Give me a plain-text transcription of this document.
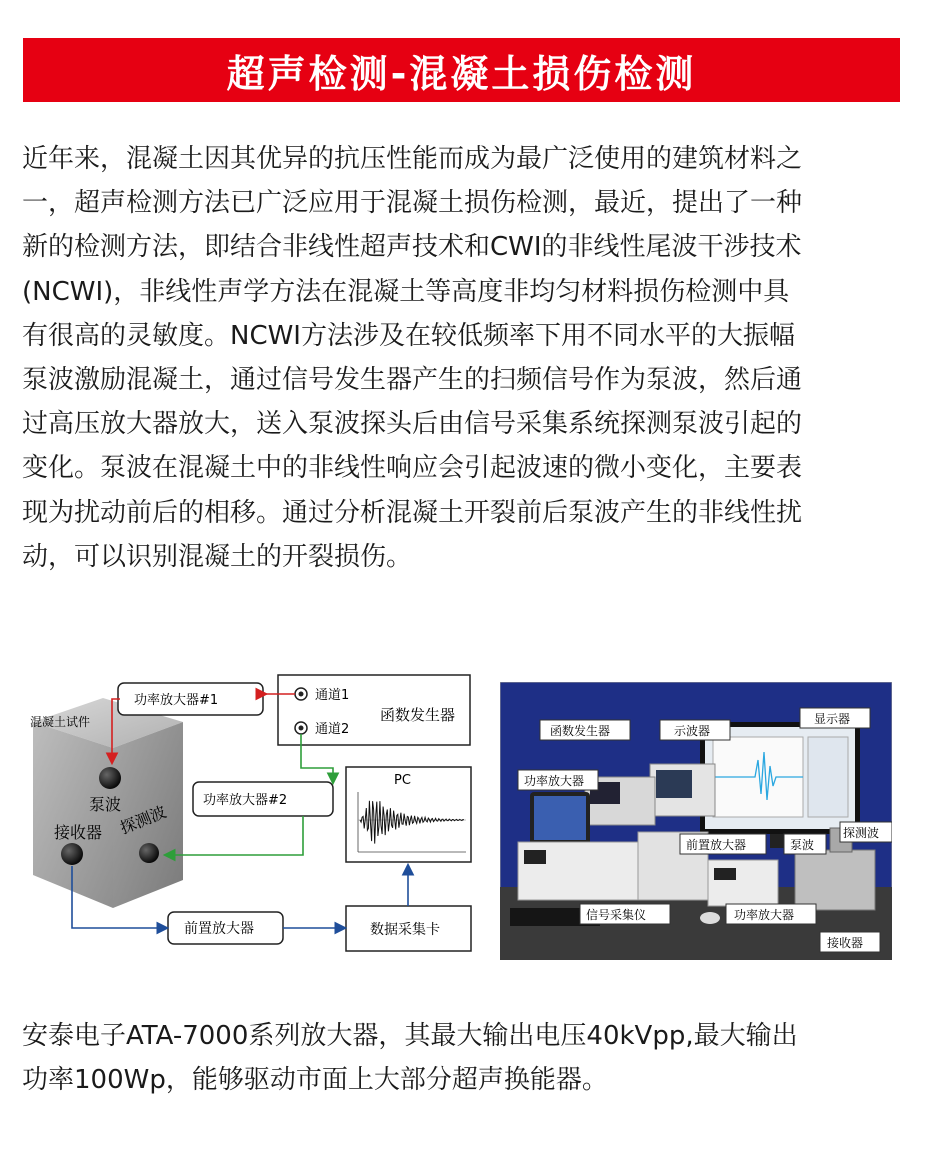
超声检测-混凝土损伤检测

近年来，混凝土因其优异的抗压性能而成为最广泛使用的建筑材料之
一，超声检测方法已广泛应用于混凝土损伤检测，最近，提出了一种
新的检测方法，即结合非线性超声技术和CWI的非线性尾波干涉技术
(NCWI)，非线性声学方法在混凝土等高度非均匀材料损伤检测中具
有很高的灵敏度。NCWI方法涉及在较低频率下用不同水平的大振幅
泵波激励混凝土，通过信号发生器产生的扫频信号作为泵波，然后通
过高压放大器放大，送入泵波探头后由信号采集系统探测泵波引起的
变化。泵波在混凝土中的非线性响应会引起波速的微小变化，主要表
现为扰动前后的相移。通过分析混凝土开裂前后泵波产生的非线性扰
动，可以识别混凝土的开裂损伤。

混凝土试件
泵波
接收器 探测波
功率放大器#1	通道1
通道2
函数发生器
功率放大器#2
PC
前置放大器	数据采集卡
函数发生器	示波器
显示器
功率放大器
前置放大器	泵波
探测波
信号采集仪	功率放大器
接收器

安泰电子ATA-7000系列放大器，其最大输出电压40kVpp,最大输出
功率100Wp，能够驱动市面上大部分超声换能器。
